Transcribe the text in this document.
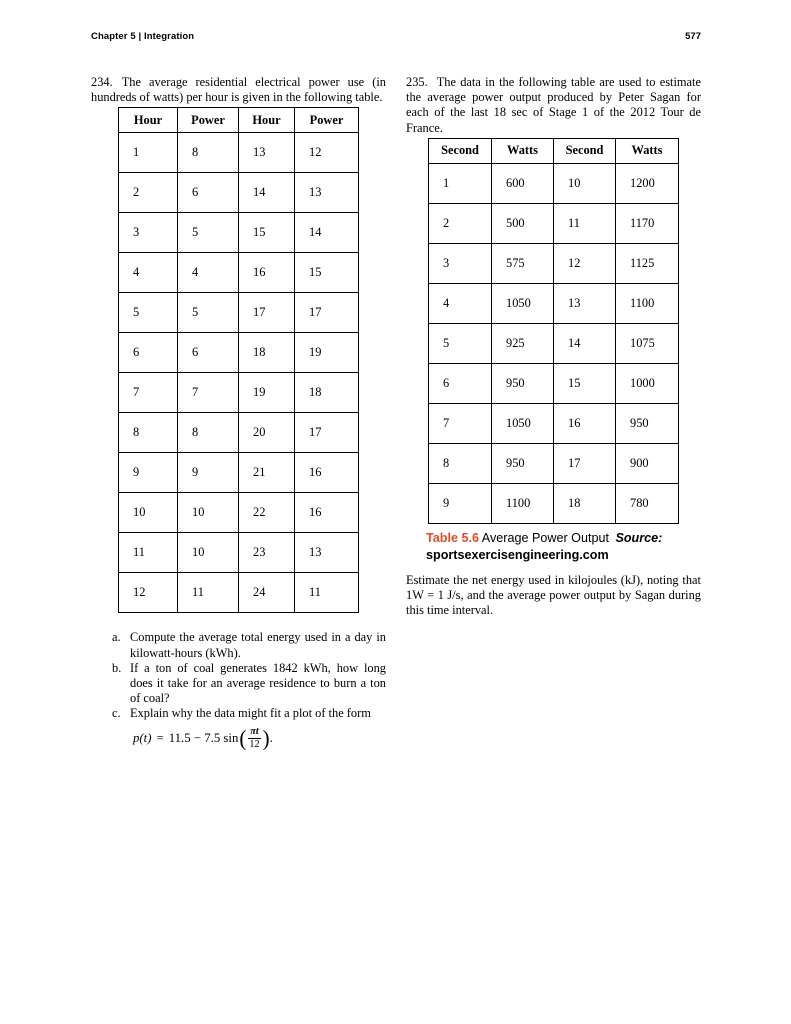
Chapter 5 | Integration	577

234. The average residential electrical power use (in hundreds of watts) per hour is given in the following table.

Hour	Power	Hour	Power
1	8	13	12
2	6	14	13
3	5	15	14
4	4	16	15
5	5	17	17
6	6	18	19
7	7	19	18
8	8	20	17
9	9	21	16
10	10	22	16
11	10	23	13
12	11	24	11
a. Compute the average total energy used in a day in kilowatt-hours (kWh).
b. If a ton of coal generates 1842 kWh, how long does it take for an average residence to burn a ton of coal?
c. Explain why the data might fit a plot of the form
p(t) = 11.5 − 7.5 sin ( $\frac{\pi t}{12}$ ) .

235. The data in the following table are used to estimate the average power output produced by Peter Sagan for each of the last 18 sec of Stage 1 of the 2012 Tour de France.

Second	Watts	Second	Watts
1	600	10	1200
2	500	11	1170
3	575	12	1125
4	1050	13	1100
5	925	14	1075
6	950	15	1000
7	1050	16	950
8	950	17	900
9	1100	18	780
Table 5.6 Average Power Output Source: sportsexercisengineering.com

Estimate the net energy used in kilojoules (kJ), noting that 1W = 1 J/s, and the average power output by Sagan during this time interval.
